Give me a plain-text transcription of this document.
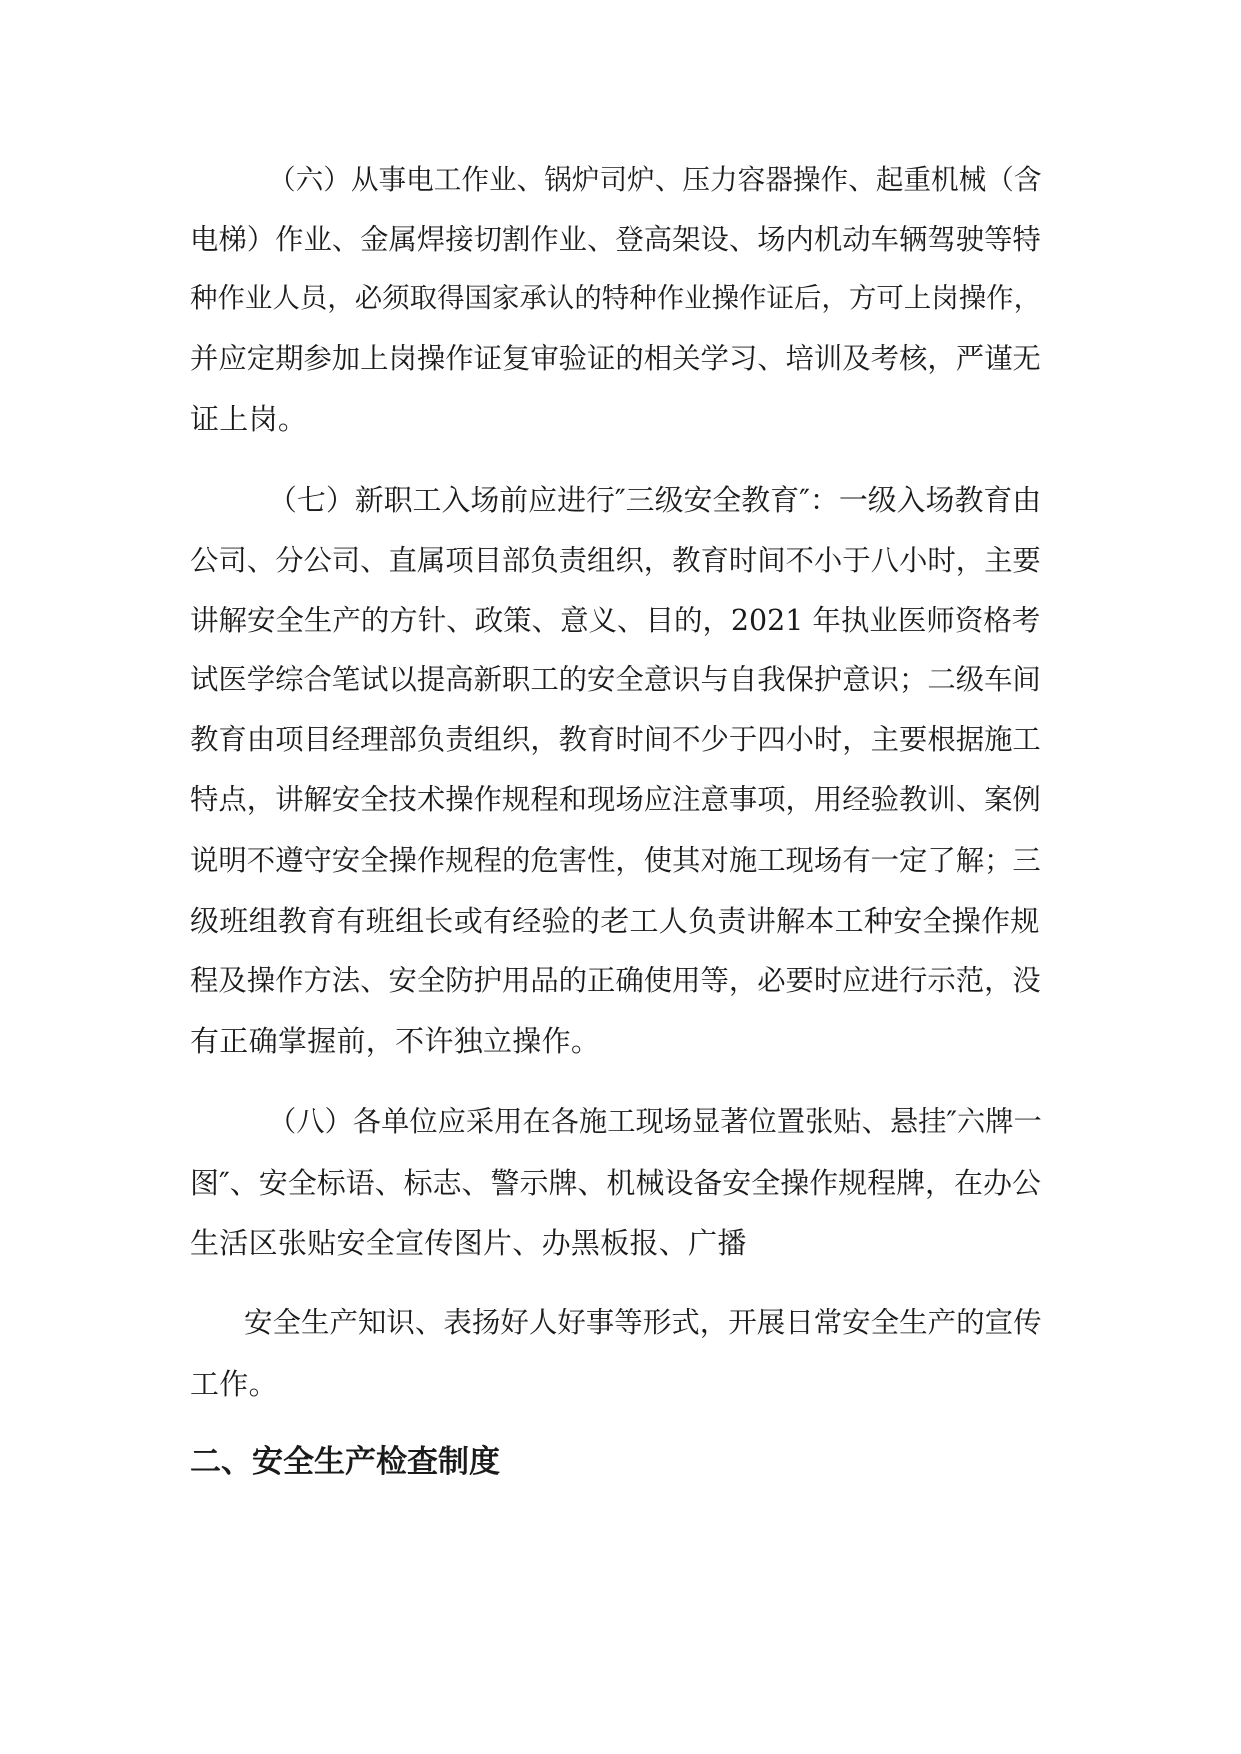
（六）从事电工作业、锅炉司炉、压力容器操作、起重机械（含
电梯）作业、金属焊接切割作业、登高架设、场内机动车辆驾驶等特
种作业人员，必须取得国家承认的特种作业操作证后，方可上岗操作，
并应定期参加上岗操作证复审验证的相关学习、培训及考核，严谨无
证上岗。
（七）新职工入场前应进行″三级安全教育″：一级入场教育由
公司、分公司、直属项目部负责组织，教育时间不小于八小时，主要
讲解安全生产的方针、政策、意义、目的，2021 年执业医师资格考
试医学综合笔试以提高新职工的安全意识与自我保护意识；二级车间
教育由项目经理部负责组织，教育时间不少于四小时，主要根据施工
特点，讲解安全技术操作规程和现场应注意事项，用经验教训、案例
说明不遵守安全操作规程的危害性，使其对施工现场有一定了解；三
级班组教育有班组长或有经验的老工人负责讲解本工种安全操作规
程及操作方法、安全防护用品的正确使用等，必要时应进行示范，没
有正确掌握前，不许独立操作。
（八）各单位应采用在各施工现场显著位置张贴、悬挂″六牌一
图″、安全标语、标志、警示牌、机械设备安全操作规程牌，在办公
生活区张贴安全宣传图片、办黑板报、广播
安全生产知识、表扬好人好事等形式，开展日常安全生产的宣传
工作。
二、安全生产检查制度
